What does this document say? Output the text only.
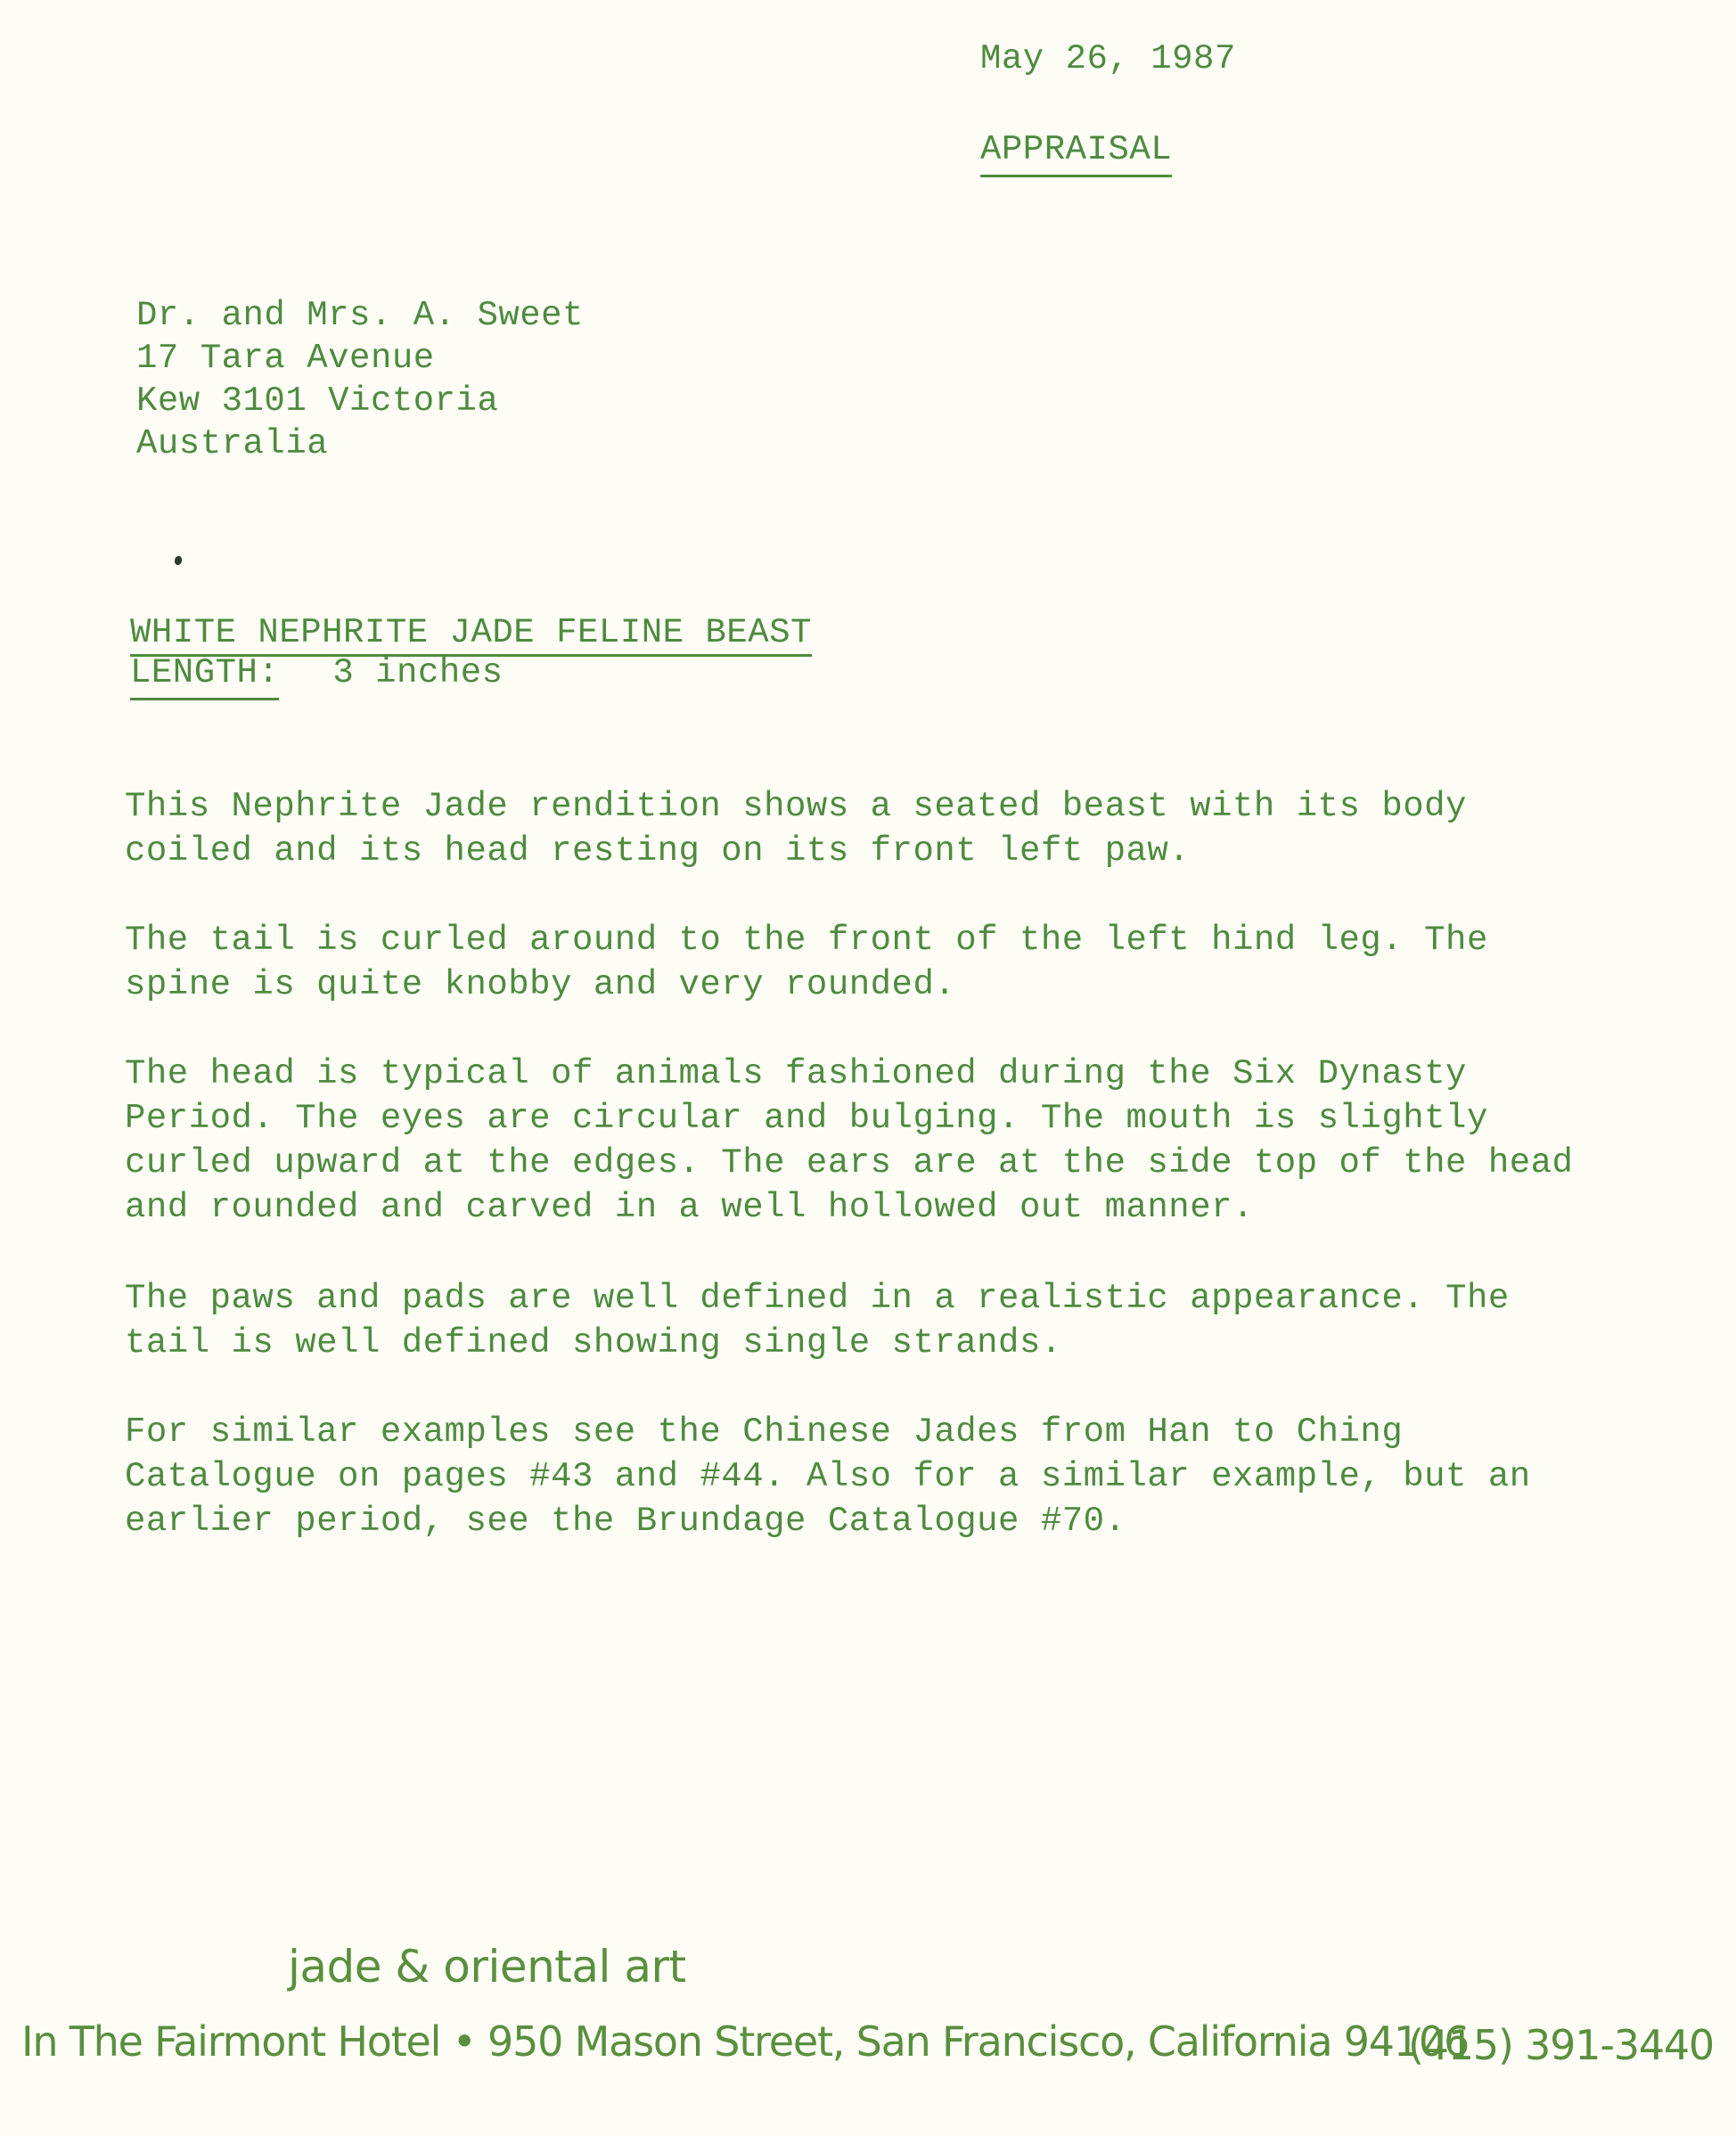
May 26, 1987
APPRAISAL
Dr. and Mrs. A. Sweet
17 Tara Avenue
Kew 3101 Victoria
Australia
WHITE NEPHRITE JADE FELINE BEAST
LENGTH: 3 inches
This Nephrite Jade rendition shows a seated beast with its body coiled and its head resting on its front left paw.
The tail is curled around to the front of the left hind leg. The spine is quite knobby and very rounded.
The head is typical of animals fashioned during the Six Dynasty Period. The eyes are circular and bulging. The mouth is slightly curled upward at the edges. The ears are at the side top of the head and rounded and carved in a well hollowed out manner.
The paws and pads are well defined in a realistic appearance. The tail is well defined showing single strands.
For similar examples see the Chinese Jades from Han to Ching Catalogue on pages #43 and #44. Also for a similar example, but an earlier period, see the Brundage Catalogue #70.
jade & oriental art
In The Fairmont Hotel • 950 Mason Street, San Francisco, California 94106
(415) 391-3440
